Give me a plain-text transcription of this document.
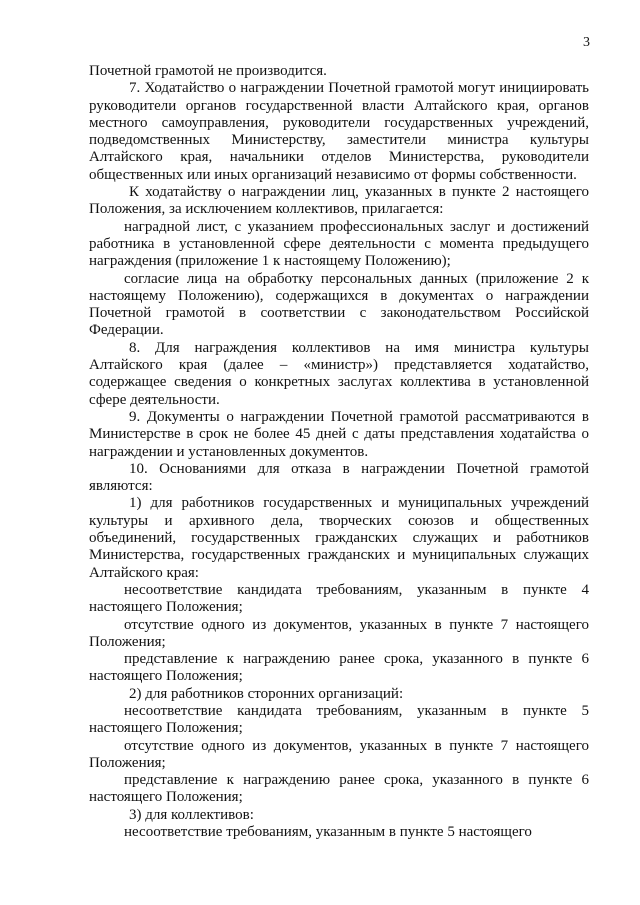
3

Почетной грамотой не производится.

7. Ходатайство о награждении Почетной грамотой могут инициировать руководители органов государственной власти Алтайского края, органов местного самоуправления, руководители государственных учреждений, подведомственных Министерству, заместители министра культуры Алтайского края, начальники отделов Министерства, руководители общественных или иных организаций независимо от формы собственности.

К ходатайству о награждении лиц, указанных в пункте 2 настоящего Положения, за исключением коллективов, прилагается:

наградной лист, с указанием профессиональных заслуг и достижений работника в установленной сфере деятельности с момента предыдущего награждения (приложение 1 к настоящему Положению);

согласие лица на обработку персональных данных (приложение 2 к настоящему Положению), содержащихся в документах о награждении Почетной грамотой в соответствии с законодательством Российской Федерации.

8. Для награждения коллективов на имя министра культуры Алтайского края (далее – «министр») представляется ходатайство, содержащее сведения о конкретных заслугах коллектива в установленной сфере деятельности.

9. Документы о награждении Почетной грамотой рассматриваются в Министерстве в срок не более 45 дней с даты представления ходатайства о награждении и установленных документов.

10. Основаниями для отказа в награждении Почетной грамотой являются:

1) для работников государственных и муниципальных учреждений культуры и архивного дела, творческих союзов и общественных объединений, государственных гражданских служащих и работников Министерства, государственных гражданских и муниципальных служащих Алтайского края:

несоответствие кандидата требованиям, указанным в пункте 4 настоящего Положения;

отсутствие одного из документов, указанных в пункте 7 настоящего Положения;

представление к награждению ранее срока, указанного в пункте 6 настоящего Положения;

2) для работников сторонних организаций:

несоответствие кандидата требованиям, указанным в пункте 5 настоящего Положения;

отсутствие одного из документов, указанных в пункте 7 настоящего Положения;

представление к награждению ранее срока, указанного в пункте 6 настоящего Положения;

3) для коллективов:

несоответствие требованиям, указанным в пункте 5 настоящего
